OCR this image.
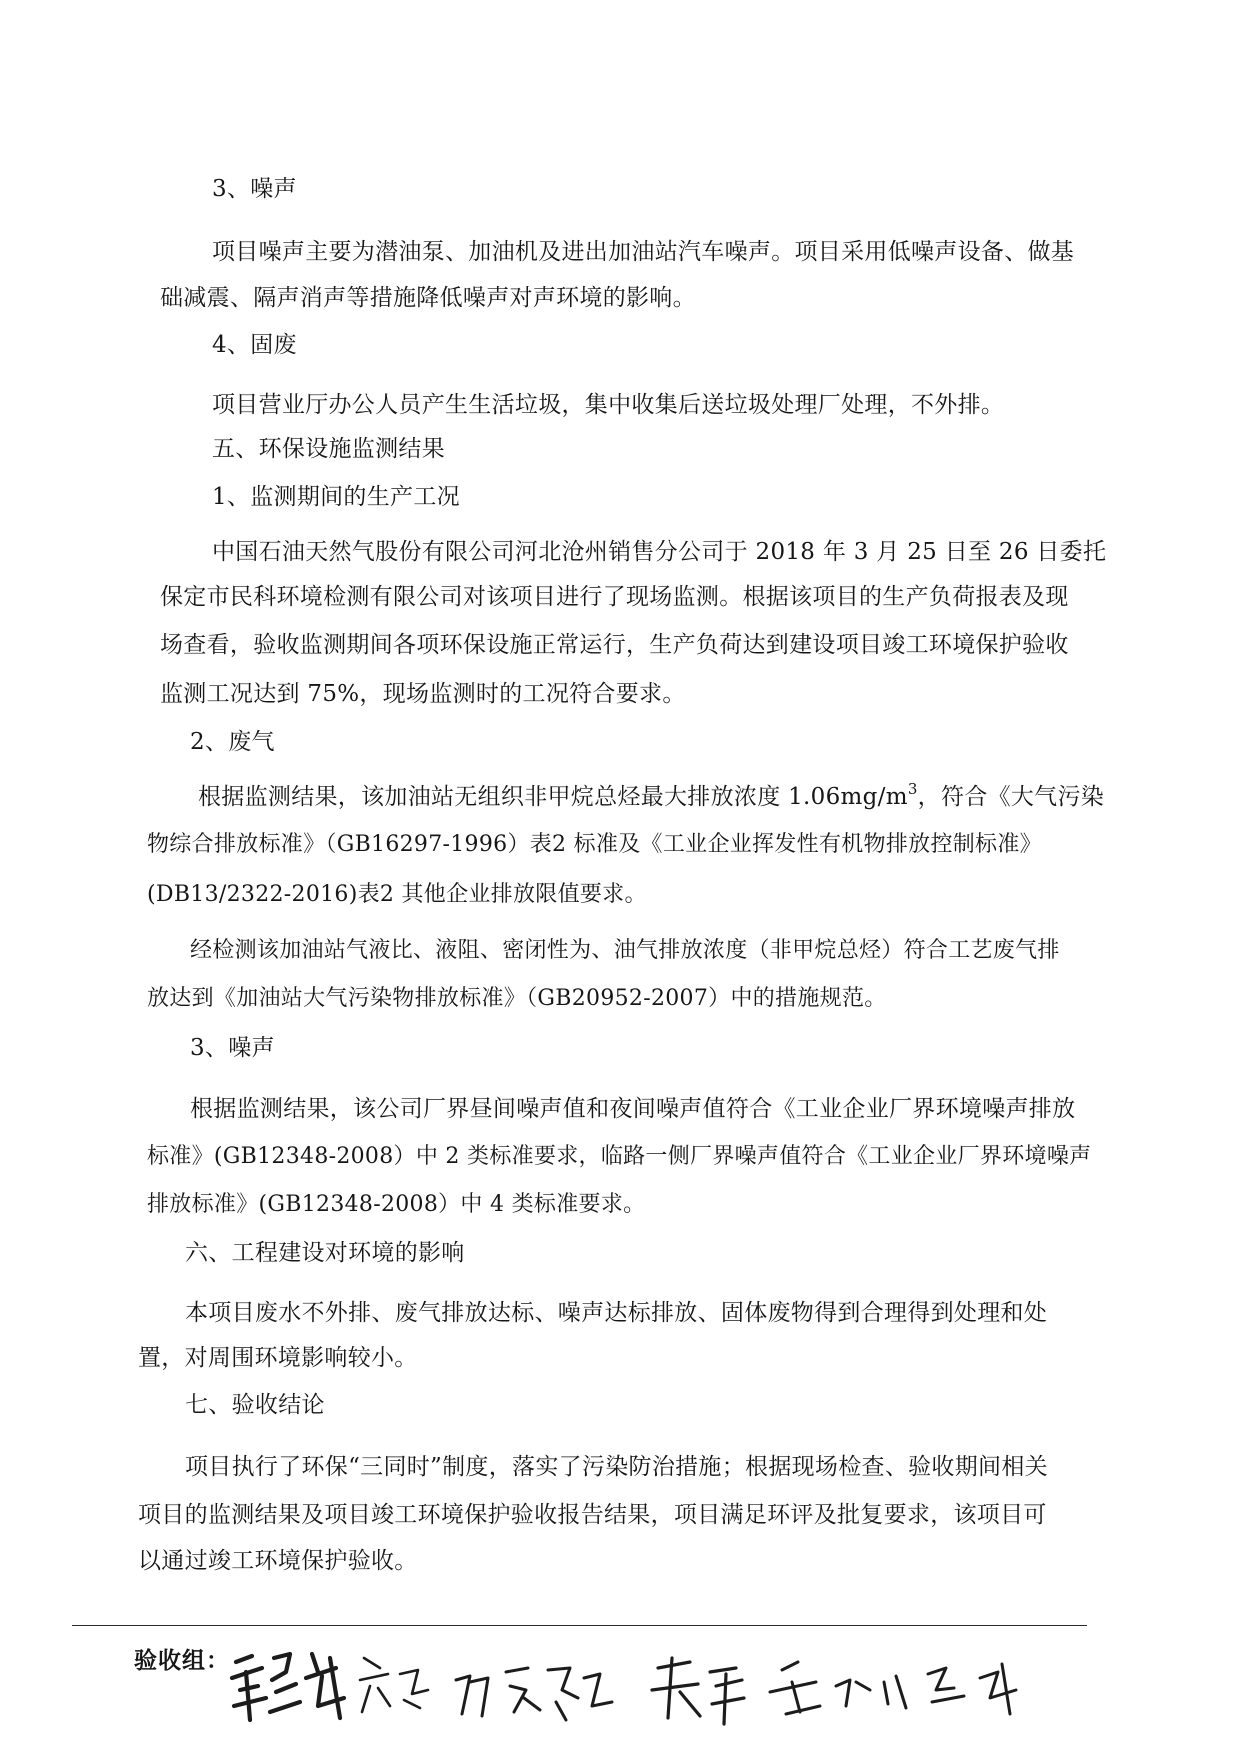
3、噪声
项目噪声主要为潜油泵、加油机及进出加油站汽车噪声。项目采用低噪声设备、做基
础减震、隔声消声等措施降低噪声对声环境的影响。
4、固废
项目营业厅办公人员产生生活垃圾，集中收集后送垃圾处理厂处理，不外排。
五、环保设施监测结果
1、监测期间的生产工况
中国石油天然气股份有限公司河北沧州销售分公司于 2018 年 3 月 25 日至 26 日委托
保定市民科环境检测有限公司对该项目进行了现场监测。根据该项目的生产负荷报表及现
场查看，验收监测期间各项环保设施正常运行，生产负荷达到建设项目竣工环境保护验收
监测工况达到 75%，现场监测时的工况符合要求。
2、废气
根据监测结果，该加油站无组织非甲烷总烃最大排放浓度 $1.06mg/m^3$，符合《大气污染
物综合排放标准》（GB16297-1996）表2 标准及《工业企业挥发性有机物排放控制标准》
(DB13/2322-2016)表2 其他企业排放限值要求。
经检测该加油站气液比、液阻、密闭性为、油气排放浓度（非甲烷总烃）符合工艺废气排
放达到《加油站大气污染物排放标准》（GB20952-2007）中的措施规范。
3、噪声
根据监测结果，该公司厂界昼间噪声值和夜间噪声值符合《工业企业厂界环境噪声排放
标准》(GB12348-2008）中 2 类标准要求，临路一侧厂界噪声值符合《工业企业厂界环境噪声
排放标准》(GB12348-2008）中 4 类标准要求。
六、工程建设对环境的影响
本项目废水不外排、废气排放达标、噪声达标排放、固体废物得到合理得到处理和处
置，对周围环境影响较小。
七、验收结论
项目执行了环保“三同时”制度，落实了污染防治措施；根据现场检查、验收期间相关
项目的监测结果及项目竣工环境保护验收报告结果，项目满足环评及批复要求，该项目可
以通过竣工环境保护验收。
验收组：
